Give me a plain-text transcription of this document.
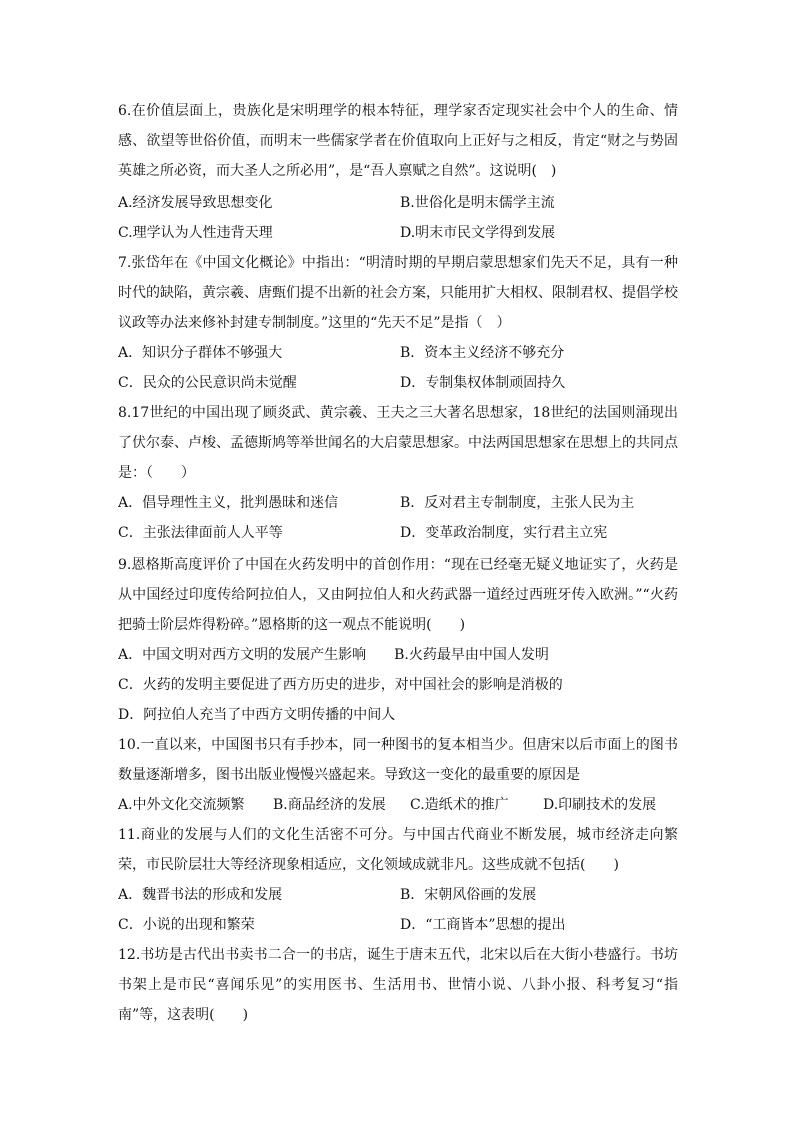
6.在价值层面上，贵族化是宋明理学的根本特征，理学家否定现实社会中个人的生命、情感、欲望等世俗价值，而明末一些儒家学者在价值取向上正好与之相反，肯定“财之与势固英雄之所必资，而大圣人之所必用”，是“吾人禀赋之自然”。这说明(　)

A.经济发展导致思想变化	B.世俗化是明末儒学主流
C.理学认为人性违背天理	D.明末市民文学得到发展

7.张岱年在《中国文化概论》中指出：“明清时期的早期启蒙思想家们先天不足，具有一种时代的缺陷，黄宗羲、唐甄们提不出新的社会方案，只能用扩大相权、限制君权、提倡学校议政等办法来修补封建专制制度。”这里的“先天不足”是指（　）

A．知识分子群体不够强大	B．资本主义经济不够充分
C．民众的公民意识尚未觉醒	D．专制集权体制顽固持久

8.17世纪的中国出现了顾炎武、黄宗羲、王夫之三大著名思想家，18世纪的法国则涌现出了伏尔泰、卢梭、孟德斯鸠等举世闻名的大启蒙思想家。中法两国思想家在思想上的共同点是：（　　）

A．倡导理性主义，批判愚昧和迷信	B．反对君主专制制度，主张人民为主
C．主张法律面前人人平等	D．变革政治制度，实行君主立宪

9.恩格斯高度评价了中国在火药发明中的首创作用：“现在已经毫无疑义地证实了，火药是从中国经过印度传给阿拉伯人，又由阿拉伯人和火药武器一道经过西班牙传入欧洲。”“火药把骑士阶层炸得粉碎。”恩格斯的这一观点不能说明(　　)

A．中国文明对西方文明的发展产生影响　　B.火药最早由中国人发明
C．火药的发明主要促进了西方历史的进步，对中国社会的影响是消极的
D．阿拉伯人充当了中西方文明传播的中间人

10.一直以来，中国图书只有手抄本，同一种图书的复本相当少。但唐宋以后市面上的图书数量逐渐增多，图书出版业慢慢兴盛起来。导致这一变化的最重要的原因是

A.中外文化交流频繁	B.商品经济的发展	C.造纸术的推广	D.印刷技术的发展

11.商业的发展与人们的文化生活密不可分。与中国古代商业不断发展，城市经济走向繁荣，市民阶层壮大等经济现象相适应，文化领域成就非凡。这些成就不包括(　　)

A．魏晋书法的形成和发展	B．宋朝风俗画的发展
C．小说的出现和繁荣	D．“工商皆本”思想的提出

12.书坊是古代出书卖书二合一的书店，诞生于唐末五代，北宋以后在大街小巷盛行。书坊书架上是市民“喜闻乐见”的实用医书、生活用书、世情小说、八卦小报、科考复习“指南”等，这表明(　　)
